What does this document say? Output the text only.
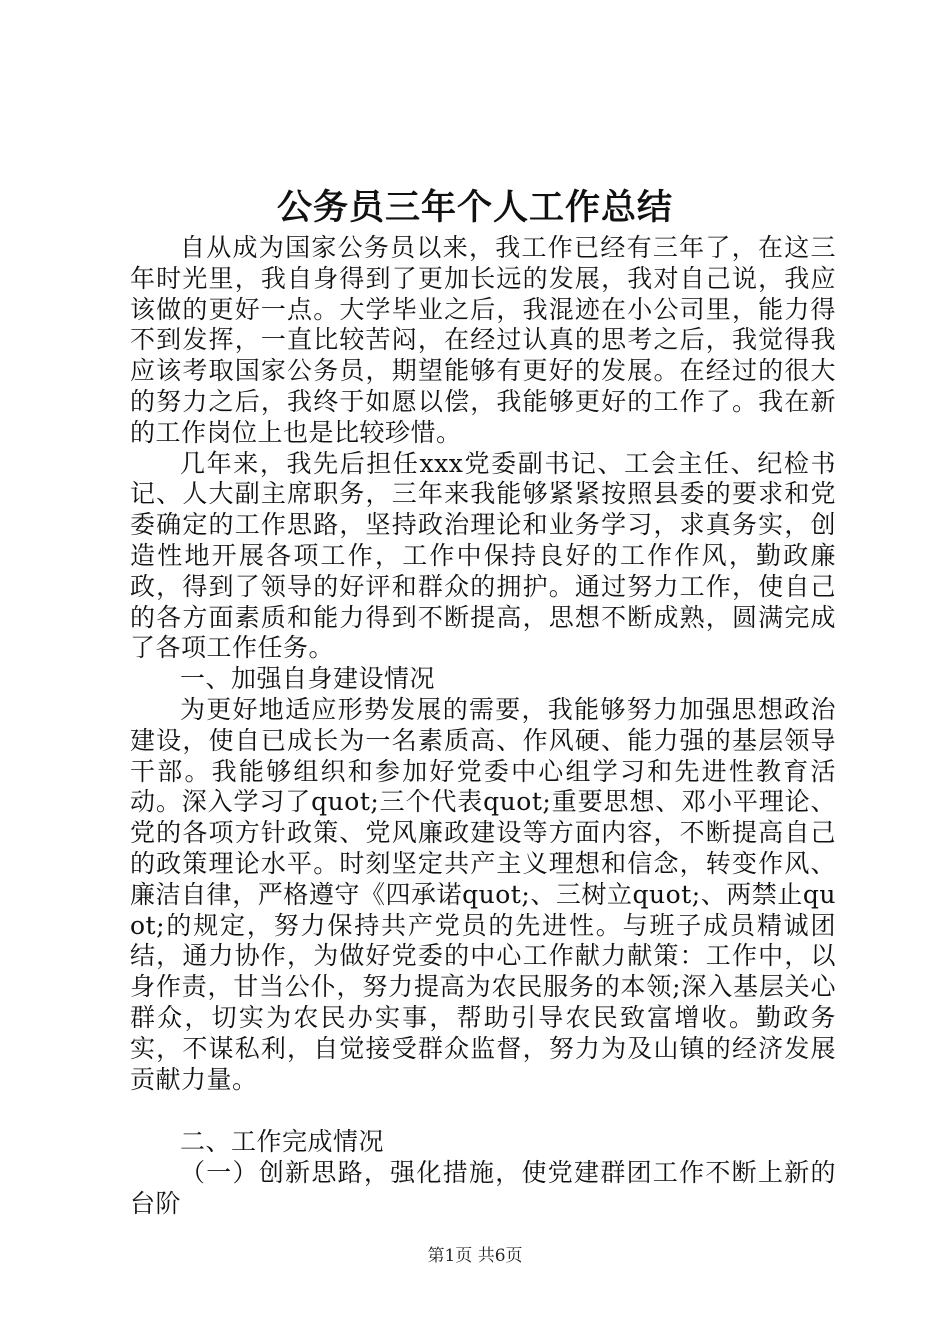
公务员三年个人工作总结

自从成为国家公务员以来，我工作已经有三年了，在这三年时光里，我自身得到了更加长远的发展，我对自己说，我应该做的更好一点。大学毕业之后，我混迹在小公司里，能力得不到发挥，一直比较苦闷，在经过认真的思考之后，我觉得我应该考取国家公务员，期望能够有更好的发展。在经过的很大的努力之后，我终于如愿以偿，我能够更好的工作了。我在新的工作岗位上也是比较珍惜。

几年来，我先后担任xxx党委副书记、工会主任、纪检书记、人大副主席职务，三年来我能够紧紧按照县委的要求和党委确定的工作思路，坚持政治理论和业务学习，求真务实，创造性地开展各项工作，工作中保持良好的工作作风，勤政廉政，得到了领导的好评和群众的拥护。通过努力工作，使自己的各方面素质和能力得到不断提高，思想不断成熟，圆满完成了各项工作任务。

一、加强自身建设情况

为更好地适应形势发展的需要，我能够努力加强思想政治建设，使自已成长为一名素质高、作风硬、能力强的基层领导干部。我能够组织和参加好党委中心组学习和先进性教育活动。深入学习了quot;三个代表quot;重要思想、邓小平理论、党的各项方针政策、党风廉政建设等方面内容，不断提高自己的政策理论水平。时刻坚定共产主义理想和信念，转变作风、廉洁自律，严格遵守《四承诺quot;、三树立quot;、两禁止quot;的规定，努力保持共产党员的先进性。与班子成员精诚团结，通力协作，为做好党委的中心工作献力献策：工作中，以身作责，甘当公仆，努力提高为农民服务的本领;深入基层关心群众，切实为农民办实事，帮助引导农民致富增收。勤政务实，不谋私利，自觉接受群众监督，努力为及山镇的经济发展贡献力量。

二、工作完成情况

（一）创新思路，强化措施，使党建群团工作不断上新的台阶

第1页 共6页
